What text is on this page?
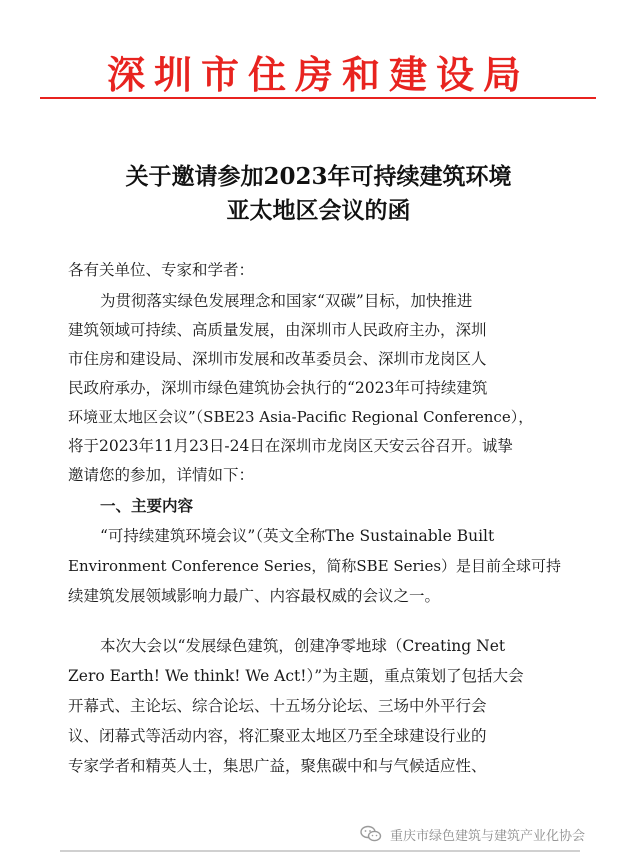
深圳市住房和建设局
关于邀请参加2023年可持续建筑环境
亚太地区会议的函
各有关单位、专家和学者：
为贯彻落实绿色发展理念和国家“双碳”目标，加快推进
建筑领域可持续、高质量发展，由深圳市人民政府主办，深圳
市住房和建设局、深圳市发展和改革委员会、深圳市龙岗区人
民政府承办，深圳市绿色建筑协会执行的“2023年可持续建筑
环境亚太地区会议”（SBE23 Asia-Pacific Regional Conference），
将于2023年11月23日-24日在深圳市龙岗区天安云谷召开。诚挚
邀请您的参加，详情如下：
一、主要内容
“可持续建筑环境会议”（英文全称The Sustainable Built
Environment Conference Series，简称SBE Series）是目前全球可持
续建筑发展领域影响力最广、内容最权威的会议之一。
本次大会以“发展绿色建筑，创建净零地球（Creating Net
Zero Earth! We think! We Act!）”为主题，重点策划了包括大会
开幕式、主论坛、综合论坛、十五场分论坛、三场中外平行会
议、闭幕式等活动内容，将汇聚亚太地区乃至全球建设行业的
专家学者和精英人士，集思广益，聚焦碳中和与气候适应性、
重庆市绿色建筑与建筑产业化协会
